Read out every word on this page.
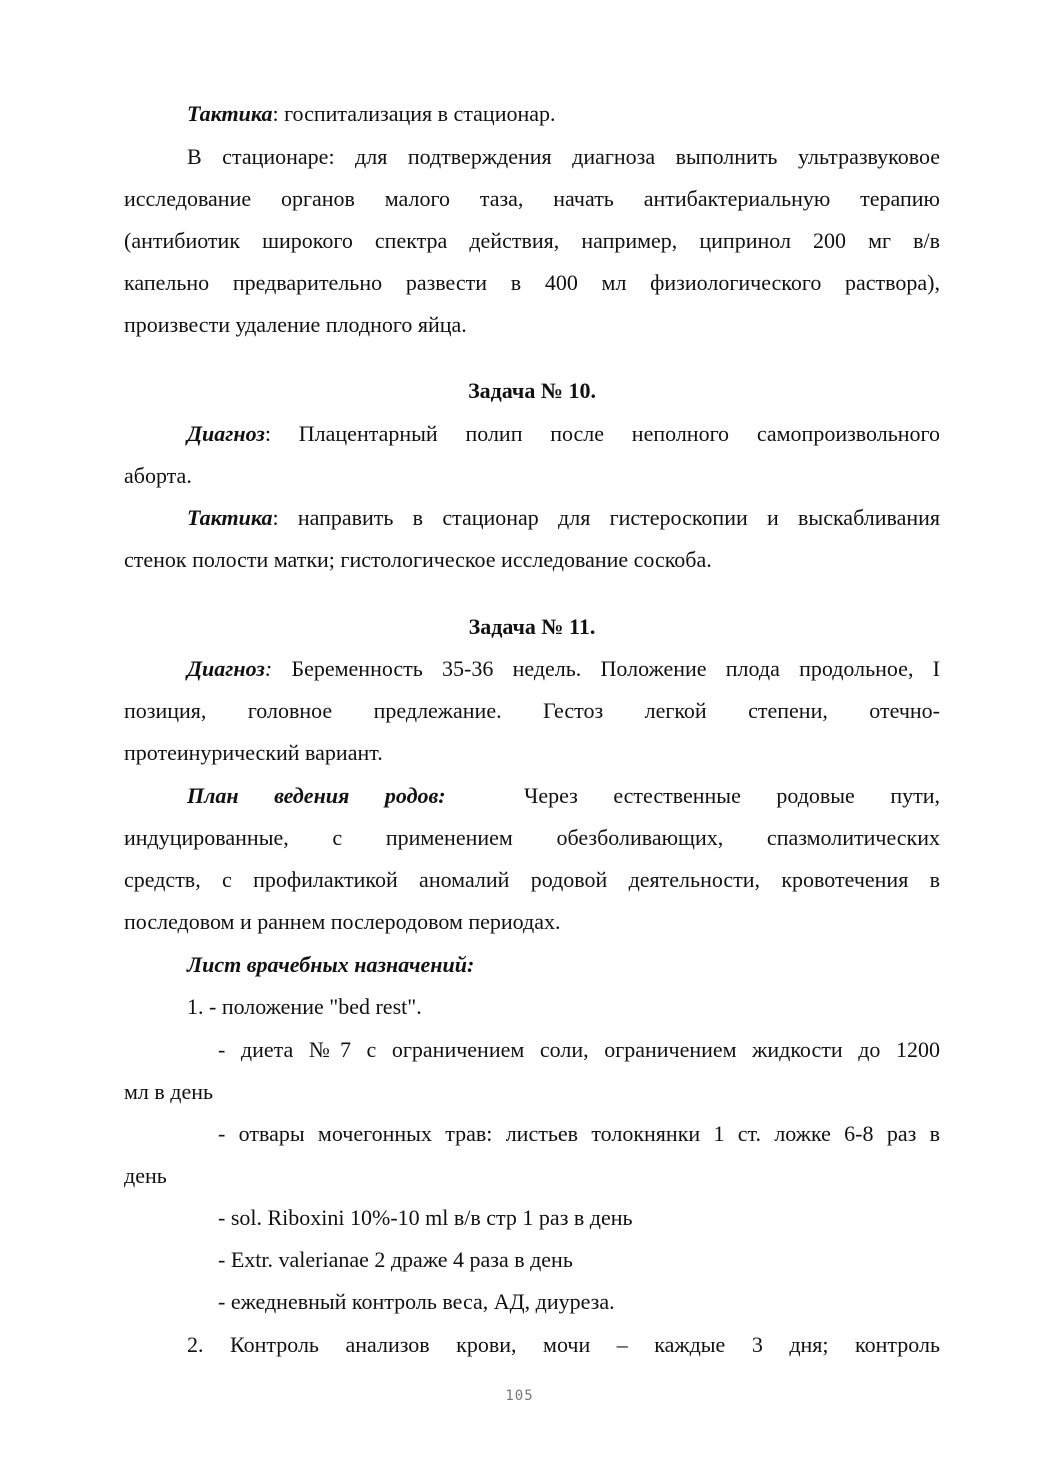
Тактика: госпитализация в стационар.
В стационаре: для подтверждения диагноза выполнить ультразвуковое
исследование органов малого таза, начать антибактериальную терапию
(антибиотик широкого спектра действия, например, ципринол 200 мг в/в
капельно предварительно развести в 400 мл физиологического раствора),
произвести удаление плодного яйца.
Задача № 10.
Диагноз: Плацентарный полип после неполного самопроизвольного
аборта.
Тактика: направить в стационар для гистероскопии и выскабливания
стенок полости матки; гистологическое исследование соскоба.
Задача № 11.
Диагноз: Беременность 35-36 недель. Положение плода продольное, I
позиция, головное предлежание. Гестоз легкой степени, отечно-
протеинурический вариант.
План ведения родов:	Через естественные родовые пути,
индуцированные, с применением обезболивающих, спазмолитических
средств, с профилактикой аномалий родовой деятельности, кровотечения в
последовом и раннем послеродовом периодах.
Лист врачебных назначений:
1. - положение "bed rest".
- диета №7 с ограничением соли, ограничением жидкости до 1200
мл в день
- отвары мочегонных трав: листьев толокнянки 1 ст. ложке 6-8 раз в
день
- sol. Riboxini 10%-10 ml в/в стр 1 раз в день
- Extr. valerianae 2 драже 4 раза в день
- ежедневный контроль веса, АД, диуреза.
2. Контроль анализов крови, мочи – каждые 3 дня; контроль
105
